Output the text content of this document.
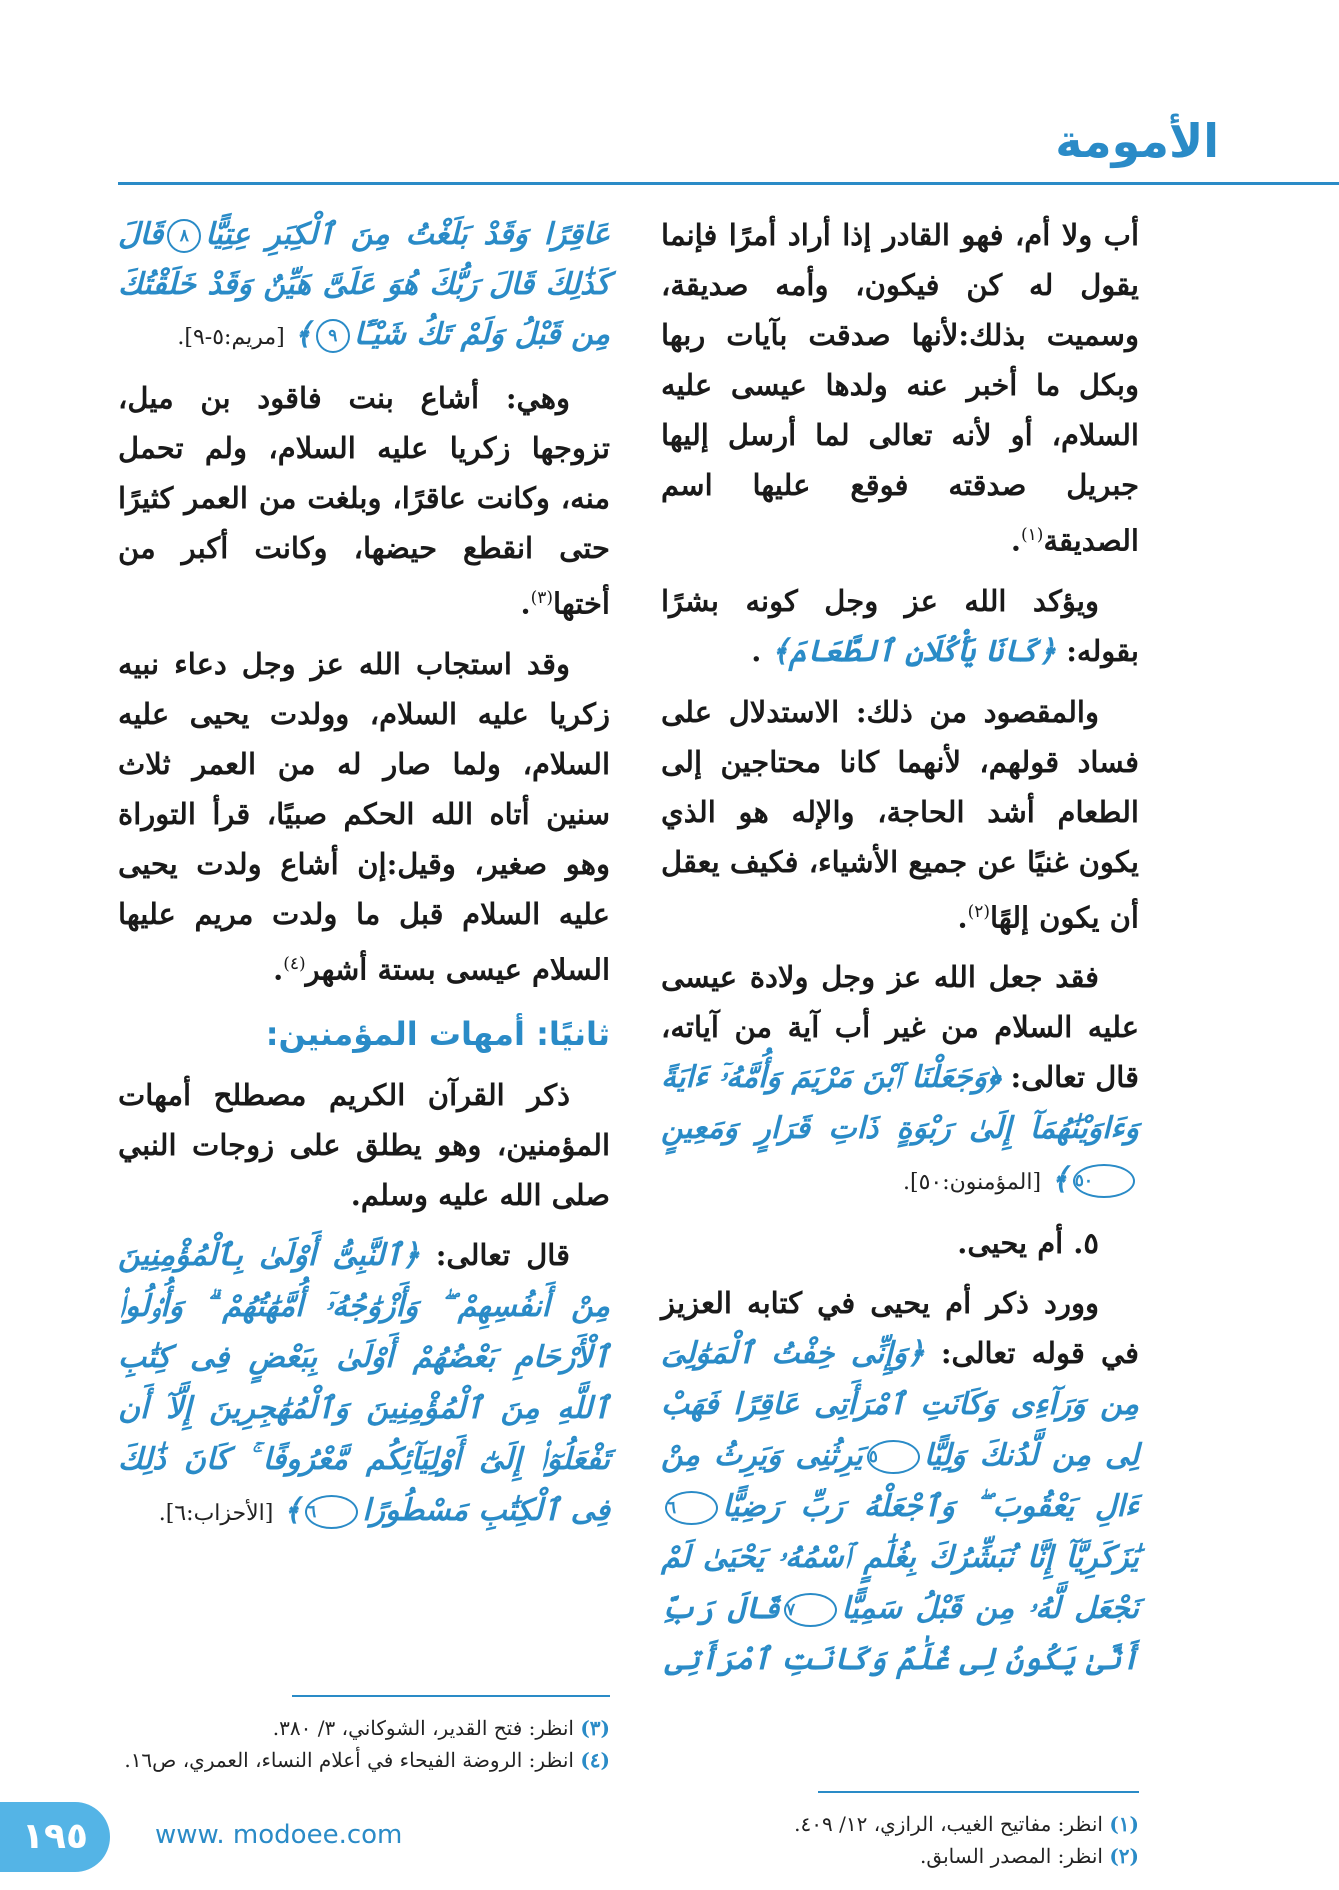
الأمومة

أب ولا أم، فهو القادر إذا أراد أمرًا فإنما يقول له كن فيكون، وأمه صديقة، وسميت بذلك:لأنها صدقت بآيات ربها وبكل ما أخبر عنه ولدها عيسى عليه السلام، أو لأنه تعالى لما أرسل إليها جبريل صدقته فوقع عليها اسم الصديقة$^{(١)}$.

ويؤكد الله عز وجل كونه بشرًا بقوله: ﴿كَانَا يَأْكُلَانِ ٱلطَّعَامَ﴾ .

والمقصود من ذلك: الاستدلال على فساد قولهم، لأنهما كانا محتاجين إلى الطعام أشد الحاجة، والإله هو الذي يكون غنيًا عن جميع الأشياء، فكيف يعقل أن يكون إلهًا$^{(٢)}$.

فقد جعل الله عز وجل ولادة عيسى عليه السلام من غير أب آية من آياته، قال تعالى: ﴿وَجَعَلْنَا ٱبْنَ مَرْيَمَ وَأُمَّهُۥٓ ءَايَةً وَءَاوَيْنَٰهُمَآ إِلَىٰ رَبْوَةٍ ذَاتِ قَرَارٍ وَمَعِينٍ٥٠﴾ [المؤمنون:٥٠].

٥. أم يحيى.

وورد ذكر أم يحيى في كتابه العزيز في قوله تعالى: ﴿وَإِنِّى خِفْتُ ٱلْمَوَٰلِىَ مِن وَرَآءِى وَكَانَتِ ٱمْرَأَتِى عَاقِرًا فَهَبْ لِى مِن لَّدُنكَ وَلِيًّا٥يَرِثُنِى وَيَرِثُ مِنْ ءَالِ يَعْقُوبَ ۖ وَٱجْعَلْهُ رَبِّ رَضِيًّا٦يَٰزَكَرِيَّآ إِنَّا نُبَشِّرُكَ بِغُلَٰمٍ ٱسْمُهُۥ يَحْيَىٰ لَمْ نَجْعَل لَّهُۥ مِن قَبْلُ سَمِيًّا٧قَالَ رَبِّ أَنَّىٰ يَكُونُ لِى غُلَٰمٌ وَكَانَتِ ٱمْرَأَتِى

عَاقِرًا وَقَدْ بَلَغْتُ مِنَ ٱلْكِبَرِ عِتِيًّا٨قَالَ كَذَٰلِكَ قَالَ رَبُّكَ هُوَ عَلَىَّ هَيِّنٌ وَقَدْ خَلَقْتُكَ مِن قَبْلُ وَلَمْ تَكُ شَيْـًٔا٩﴾ [مريم:٥-٩].

وهي: أشاع بنت فاقود بن ميل، تزوجها زكريا عليه السلام، ولم تحمل منه، وكانت عاقرًا، وبلغت من العمر كثيرًا حتى انقطع حيضها، وكانت أكبر من أختها$^{(٣)}$.

وقد استجاب الله عز وجل دعاء نبيه زكريا عليه السلام، وولدت يحيى عليه السلام، ولما صار له من العمر ثلاث سنين أتاه الله الحكم صبيًا، قرأ التوراة وهو صغير، وقيل:إن أشاع ولدت يحيى عليه السلام قبل ما ولدت مريم عليها السلام عيسى بستة أشهر$^{(٤)}$.

ثانيًا: أمهات المؤمنين:

ذكر القرآن الكريم مصطلح أمهات المؤمنين، وهو يطلق على زوجات النبي صلى الله عليه وسلم.

قال تعالى: ﴿ٱلنَّبِىُّ أَوْلَىٰ بِٱلْمُؤْمِنِينَ مِنْ أَنفُسِهِمْ ۖ وَأَزْوَٰجُهُۥٓ أُمَّهَٰتُهُمْ ۗ وَأُو۟لُوا۟ ٱلْأَرْحَامِ بَعْضُهُمْ أَوْلَىٰ بِبَعْضٍ فِى كِتَٰبِ ٱللَّهِ مِنَ ٱلْمُؤْمِنِينَ وَٱلْمُهَٰجِرِينَ إِلَّآ أَن تَفْعَلُوٓا۟ إِلَىٰٓ أَوْلِيَآئِكُم مَّعْرُوفًا ۚ كَانَ ذَٰلِكَ فِى ٱلْكِتَٰبِ مَسْطُورًا٦﴾ [الأحزاب:٦].

(٣) انظر: فتح القدير، الشوكاني، ٣/ ٣٨٠.
(٤) انظر: الروضة الفيحاء في أعلام النساء، العمري، ص١٦.
(١) انظر: مفاتيح الغيب، الرازي، ١٢/ ٤٠٩.
(٢) انظر: المصدر السابق.
١٩٥	www. modoee.com
